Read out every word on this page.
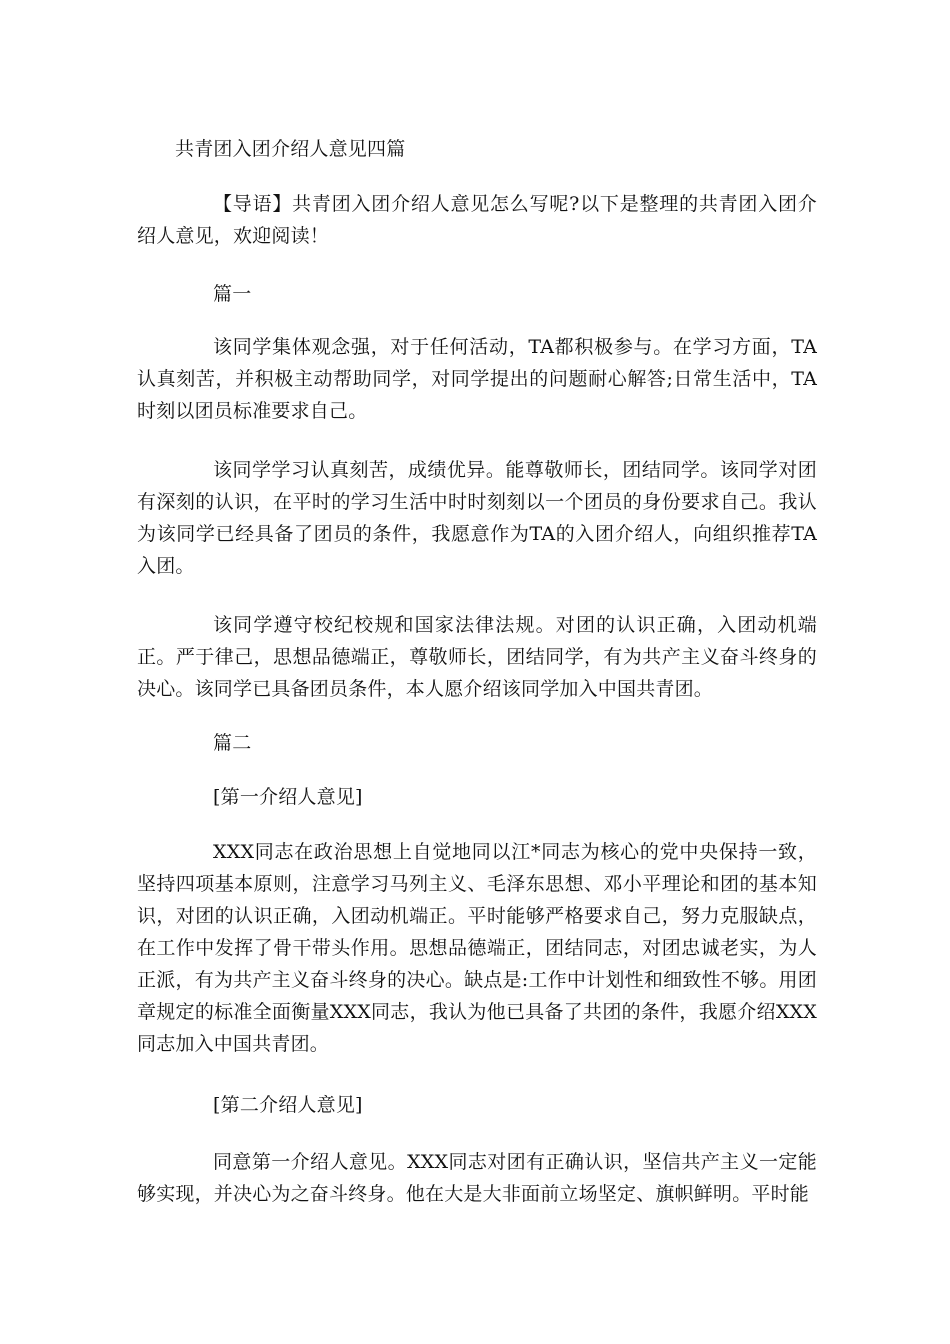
共青团入团介绍人意见四篇

【导语】共青团入团介绍人意见怎么写呢?以下是整理的共青团入团介绍人意见，欢迎阅读！

篇一

该同学集体观念强，对于任何活动，TA都积极参与。在学习方面，TA认真刻苦，并积极主动帮助同学，对同学提出的问题耐心解答;日常生活中，TA时刻以团员标准要求自己。

该同学学习认真刻苦，成绩优异。能尊敬师长，团结同学。该同学对团有深刻的认识，在平时的学习生活中时时刻刻以一个团员的身份要求自己。我认为该同学已经具备了团员的条件，我愿意作为TA的入团介绍人，向组织推荐TA入团。

该同学遵守校纪校规和国家法律法规。对团的认识正确，入团动机端正。严于律己，思想品德端正，尊敬师长，团结同学，有为共产主义奋斗终身的决心。该同学已具备团员条件，本人愿介绍该同学加入中国共青团。

篇二

[第一介绍人意见]

XXX同志在政治思想上自觉地同以江*同志为核心的党中央保持一致，坚持四项基本原则，注意学习马列主义、毛泽东思想、邓小平理论和团的基本知识，对团的认识正确，入团动机端正。平时能够严格要求自己，努力克服缺点，在工作中发挥了骨干带头作用。思想品德端正，团结同志，对团忠诚老实，为人正派，有为共产主义奋斗终身的决心。缺点是:工作中计划性和细致性不够。用团章规定的标准全面衡量XXX同志，我认为他已具备了共团的条件，我愿介绍XXX同志加入中国共青团。

[第二介绍人意见]

同意第一介绍人意见。XXX同志对团有正确认识，坚信共产主义一定能够实现，并决心为之奋斗终身。他在大是大非面前立场坚定、旗帜鲜明。平时能
